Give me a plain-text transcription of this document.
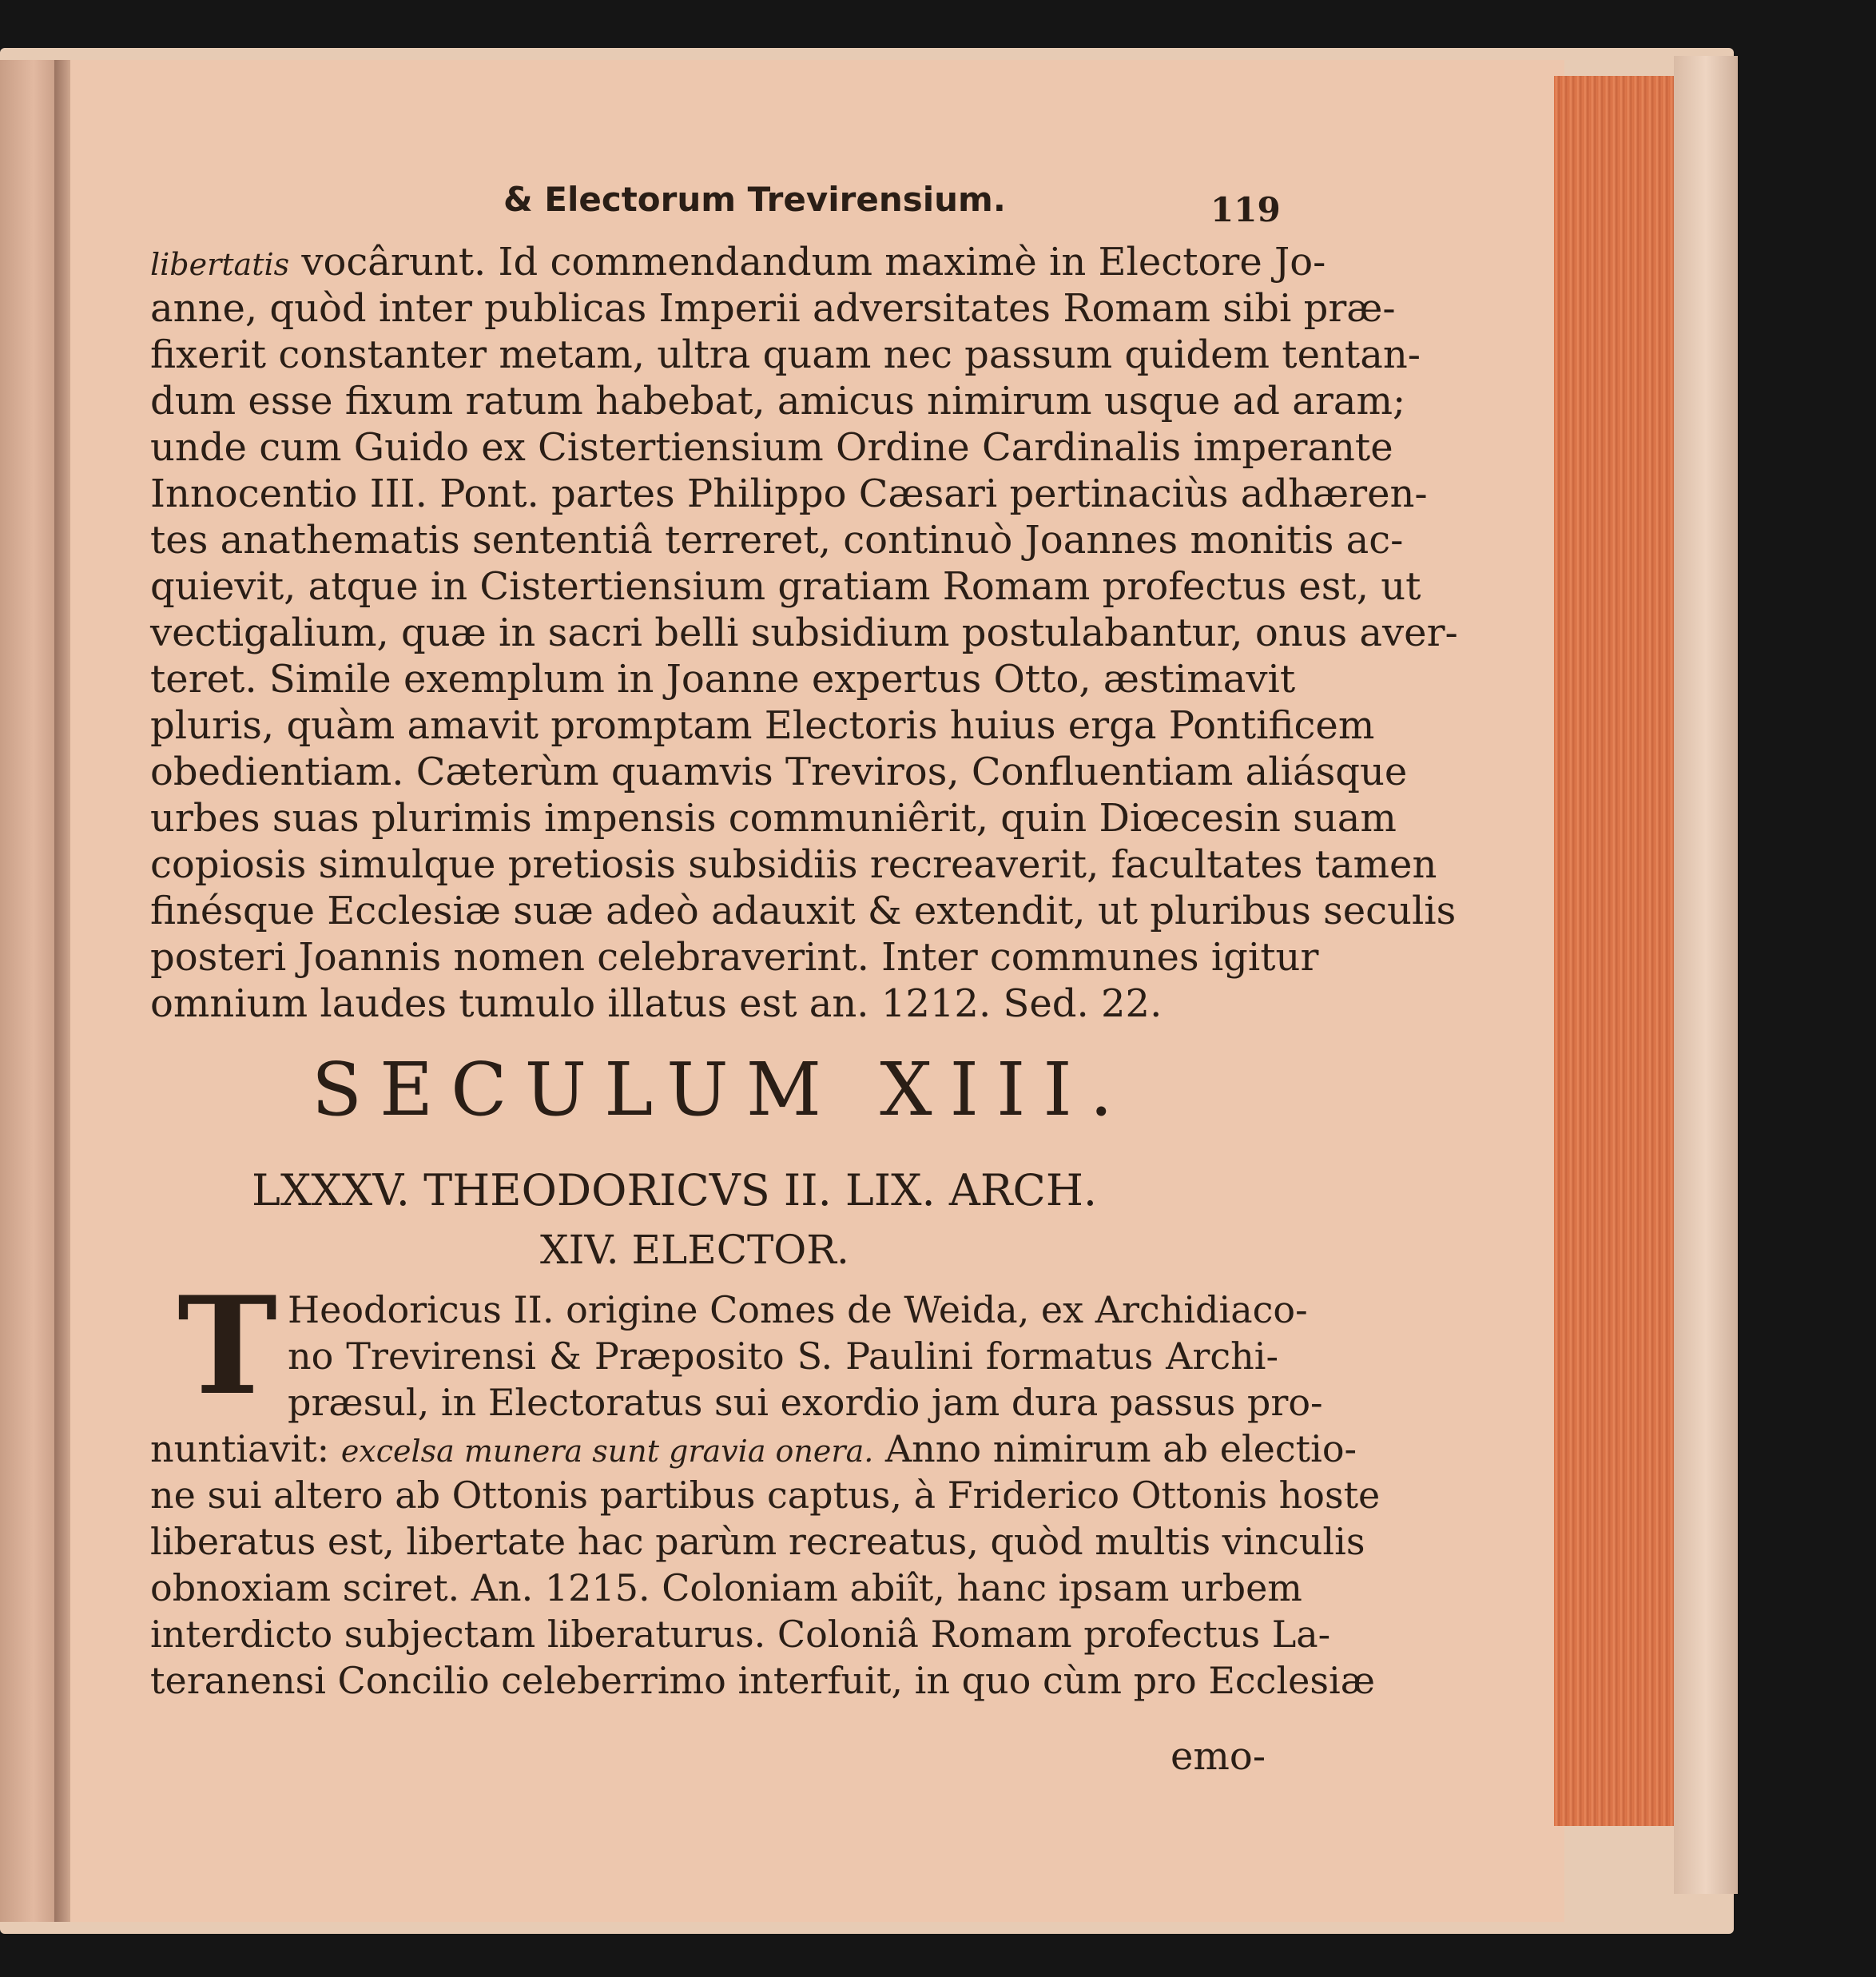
& Electorum Trevirensium.	119
libertatis vocârunt. Id commendandum maximè in Electore Jo-
anne, quòd inter publicas Imperii adversitates Romam sibi præ-
fixerit constanter metam, ultra quam nec passum quidem tentan-
dum esse fixum ratum habebat, amicus nimirum usque ad aram;
unde cum Guido ex Cistertiensium Ordine Cardinalis imperante
Innocentio III. Pont. partes Philippo Cæsari pertinaciùs adhæren-
tes anathematis sententiâ terreret, continuò Joannes monitis ac-
quievit, atque in Cistertiensium gratiam Romam profectus est, ut
vectigalium, quæ in sacri belli subsidium postulabantur, onus aver-
teret. Simile exemplum in Joanne expertus Otto, æstimavit
pluris, quàm amavit promptam Electoris huius erga Pontificem
obedientiam. Cæterùm quamvis Treviros, Confluentiam aliásque
urbes suas plurimis impensis communiêrit, quin Diœcesin suam
copiosis simulque pretiosis subsidiis recreaverit, facultates tamen
finésque Ecclesiæ suæ adeò adauxit & extendit, ut pluribus seculis
posteri Joannis nomen celebraverint. Inter communes igitur
omnium laudes tumulo illatus est an. 1212. Sed. 22.
SECULUM XIII.
LXXXV. THEODORICVS II. LIX. ARCH.
XIV. ELECTOR.
T Heodoricus II. origine Comes de Weida, ex Archidiaco-
no Trevirensi & Præposito S. Paulini formatus Archi-
præsul, in Electoratus sui exordio jam dura passus pro-
nuntiavit: excelsa munera sunt gravia onera. Anno nimirum ab electio-
ne sui altero ab Ottonis partibus captus, à Friderico Ottonis hoste
liberatus est, libertate hac parùm recreatus, quòd multis vinculis
obnoxiam sciret. An. 1215. Coloniam abiît, hanc ipsam urbem
interdicto subjectam liberaturus. Coloniâ Romam profectus La-
teranensi Concilio celeberrimo interfuit, in quo cùm pro Ecclesiæ
emo-
